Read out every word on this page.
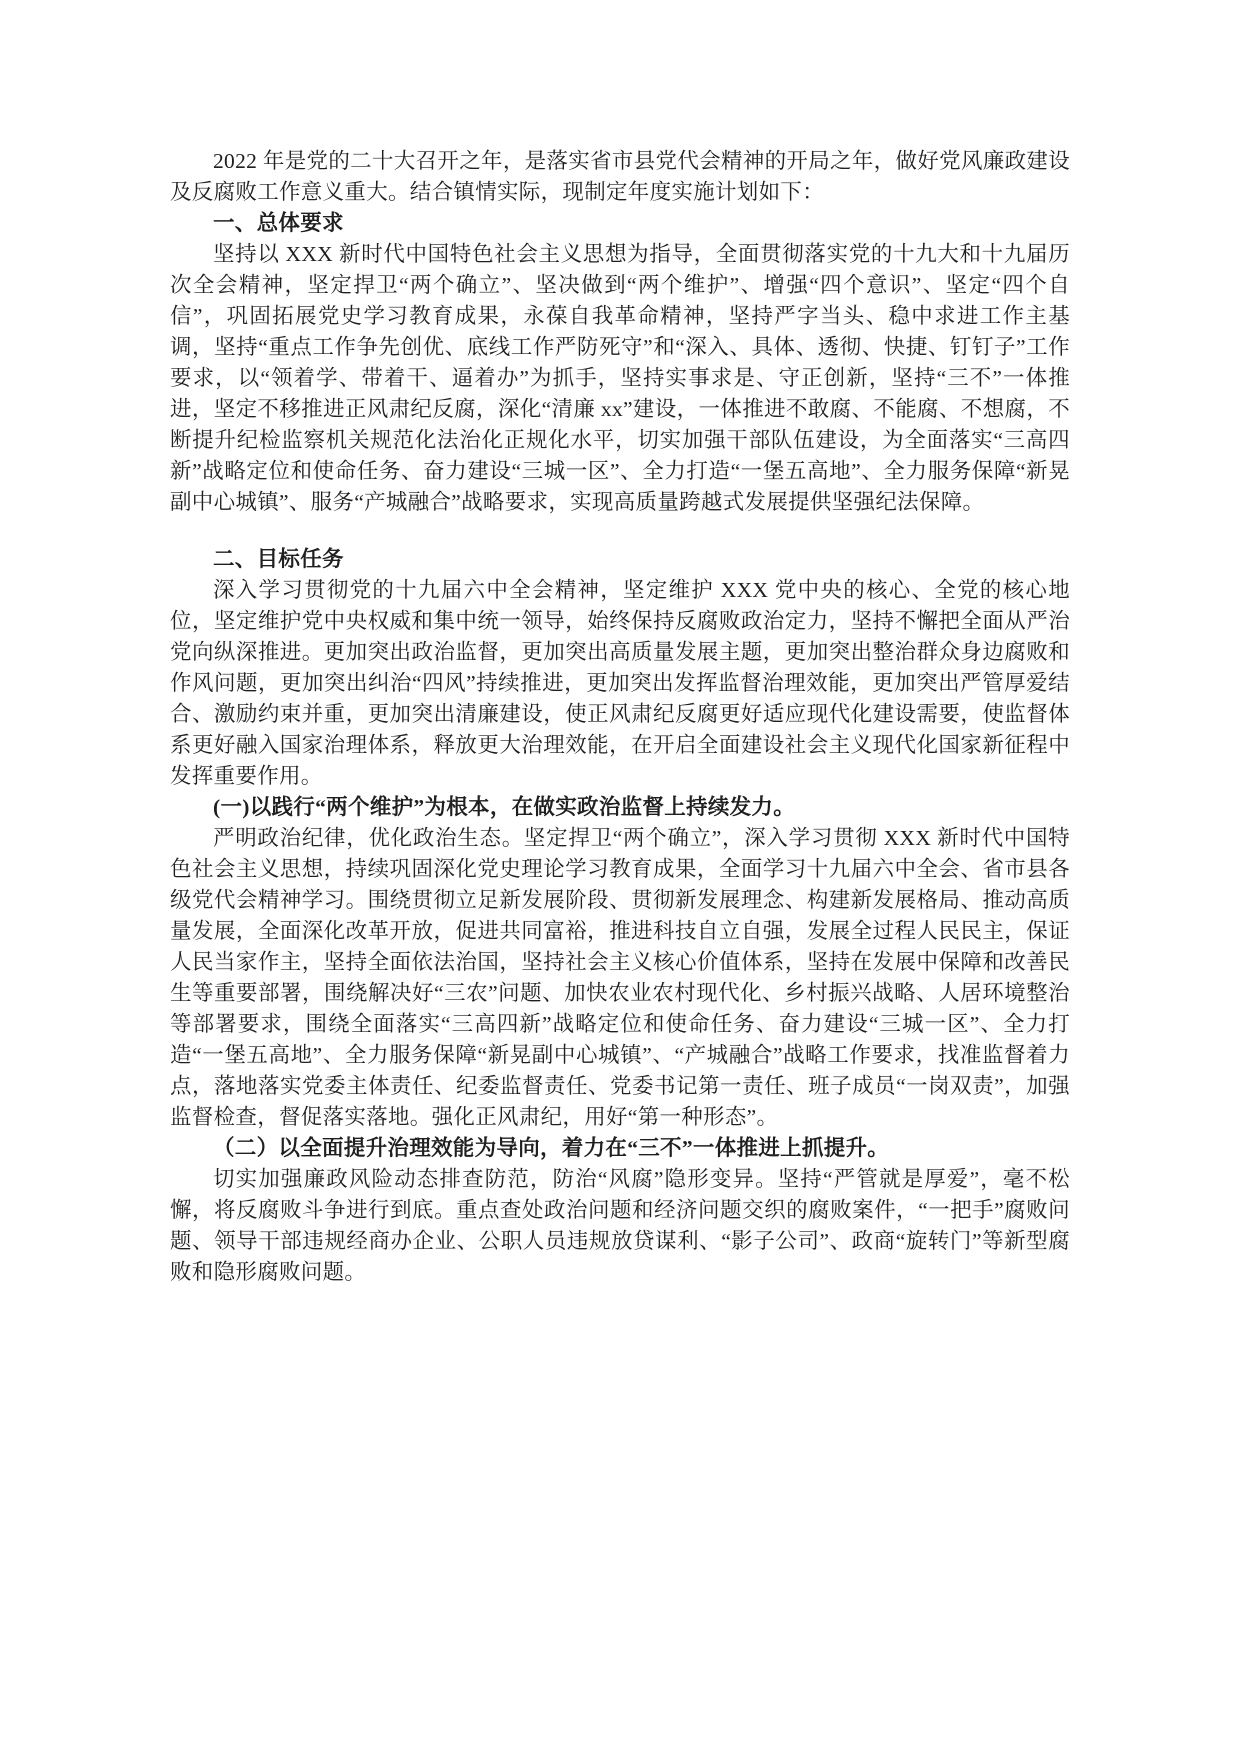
2022 年是党的二十大召开之年，是落实省市县党代会精神的开局之年，做好党风廉政建设及反腐败工作意义重大。结合镇情实际，现制定年度实施计划如下：

一、总体要求

坚持以 XXX 新时代中国特色社会主义思想为指导，全面贯彻落实党的十九大和十九届历次全会精神，坚定捍卫“两个确立”、坚决做到“两个维护”、增强“四个意识”、坚定“四个自信”，巩固拓展党史学习教育成果，永葆自我革命精神，坚持严字当头、稳中求进工作主基调，坚持“重点工作争先创优、底线工作严防死守”和“深入、具体、透彻、快捷、钉钉子”工作要求，以“领着学、带着干、逼着办”为抓手，坚持实事求是、守正创新，坚持“三不”一体推进，坚定不移推进正风肃纪反腐，深化“清廉 xx”建设，一体推进不敢腐、不能腐、不想腐，不断提升纪检监察机关规范化法治化正规化水平，切实加强干部队伍建设，为全面落实“三高四新”战略定位和使命任务、奋力建设“三城一区”、全力打造“一堡五高地”、全力服务保障“新晃副中心城镇”、服务“产城融合”战略要求，实现高质量跨越式发展提供坚强纪法保障。

二、目标任务

深入学习贯彻党的十九届六中全会精神，坚定维护 XXX 党中央的核心、全党的核心地位，坚定维护党中央权威和集中统一领导，始终保持反腐败政治定力，坚持不懈把全面从严治党向纵深推进。更加突出政治监督，更加突出高质量发展主题，更加突出整治群众身边腐败和作风问题，更加突出纠治“四风”持续推进，更加突出发挥监督治理效能，更加突出严管厚爱结合、激励约束并重，更加突出清廉建设，使正风肃纪反腐更好适应现代化建设需要，使监督体系更好融入国家治理体系，释放更大治理效能，在开启全面建设社会主义现代化国家新征程中发挥重要作用。

(一)以践行“两个维护”为根本，在做实政治监督上持续发力。

严明政治纪律，优化政治生态。坚定捍卫“两个确立”，深入学习贯彻 XXX 新时代中国特色社会主义思想，持续巩固深化党史理论学习教育成果，全面学习十九届六中全会、省市县各级党代会精神学习。围绕贯彻立足新发展阶段、贯彻新发展理念、构建新发展格局、推动高质量发展，全面深化改革开放，促进共同富裕，推进科技自立自强，发展全过程人民民主，保证人民当家作主，坚持全面依法治国，坚持社会主义核心价值体系，坚持在发展中保障和改善民生等重要部署，围绕解决好“三农”问题、加快农业农村现代化、乡村振兴战略、人居环境整治等部署要求，围绕全面落实“三高四新”战略定位和使命任务、奋力建设“三城一区”、全力打造“一堡五高地”、全力服务保障“新晃副中心城镇”、“产城融合”战略工作要求，找准监督着力点，落地落实党委主体责任、纪委监督责任、党委书记第一责任、班子成员“一岗双责”，加强监督检查，督促落实落地。强化正风肃纪，用好“第一种形态”。

（二）以全面提升治理效能为导向，着力在“三不”一体推进上抓提升。

切实加强廉政风险动态排查防范，防治“风腐”隐形变异。坚持“严管就是厚爱”，毫不松懈，将反腐败斗争进行到底。重点查处政治问题和经济问题交织的腐败案件，“一把手”腐败问题、领导干部违规经商办企业、公职人员违规放贷谋利、“影子公司”、政商“旋转门”等新型腐败和隐形腐败问题。
